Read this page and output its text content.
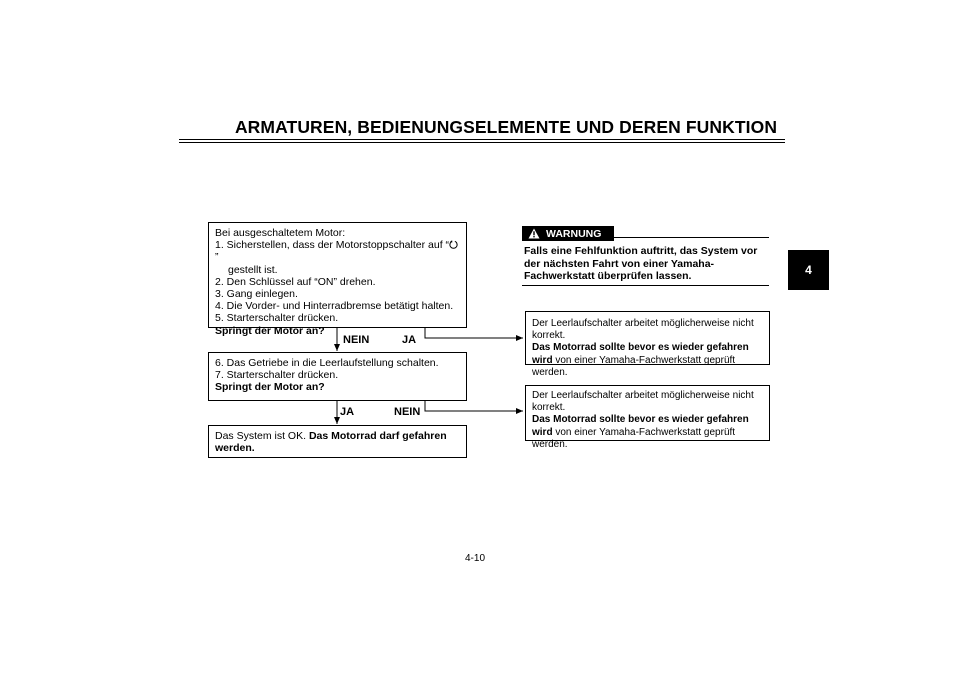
ARMATUREN, BEDIENUNGSELEMENTE UND DEREN FUNKTION
4
Bei ausgeschaltetem Motor:
1. Sicherstellen, dass der Motorstoppschalter auf “”
gestellt ist.
2. Den Schlüssel auf “ON” drehen.
3. Gang einlegen.
4. Die Vorder- und Hinterradbremse betätigt halten.
5. Starterschalter drücken.
Springt der Motor an?
NEIN	JA
6. Das Getriebe in die Leerlaufstellung schalten.
7. Starterschalter drücken.
Springt der Motor an?
JA	NEIN
Das System ist OK. Das Motorrad darf gefahren werden.
WARNUNG
Falls eine Fehlfunktion auftritt, das System vor der nächsten Fahrt von einer Yamaha-Fachwerkstatt überprüfen lassen.
Der Leerlaufschalter arbeitet möglicherweise nicht korrekt.
Das Motorrad sollte bevor es wieder gefahren wird von einer Yamaha-Fachwerkstatt geprüft werden.
Der Leerlaufschalter arbeitet möglicherweise nicht korrekt.
Das Motorrad sollte bevor es wieder gefahren wird von einer Yamaha-Fachwerkstatt geprüft werden.
4-10
